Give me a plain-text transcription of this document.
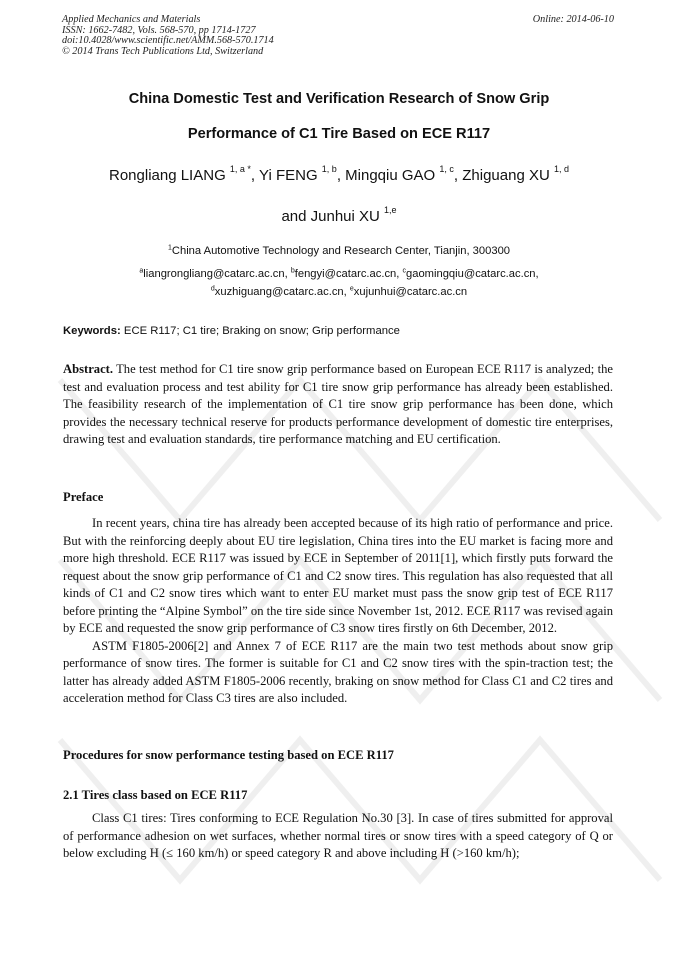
Applied Mechanics and Materials
ISSN: 1662-7482, Vols. 568-570, pp 1714-1727
doi:10.4028/www.scientific.net/AMM.568-570.1714
© 2014 Trans Tech Publications Ltd, Switzerland
Online: 2014-06-10
China Domestic Test and Verification Research of Snow Grip
Performance of C1 Tire Based on ECE R117
Rongliang LIANG $^{1, a *}$, Yi FENG $^{1, b}$, Mingqiu GAO $^{1, c}$, Zhiguang XU $^{1, d}$
and Junhui XU $^{1,e}$
$^1$China Automotive Technology and Research Center, Tianjin, 300300
$^a$liangrongliang@catarc.ac.cn, $^b$fengyi@catarc.ac.cn, $^c$gaomingqiu@catarc.ac.cn,
$^d$xuzhiguang@catarc.ac.cn, $^e$xujunhui@catarc.ac.cn
Keywords: ECE R117; C1 tire; Braking on snow; Grip performance

Abstract. The test method for C1 tire snow grip performance based on European ECE R117 is analyzed; the test and evaluation process and test ability for C1 tire snow grip performance has already been established. The feasibility research of the implementation of C1 tire snow grip performance has been done, which provides the necessary technical reserve for products performance development of domestic tire enterprises, drawing test and evaluation standards, tire performance matching and EU certification.

Preface

In recent years, china tire has already been accepted because of its high ratio of performance and price. But with the reinforcing deeply about EU tire legislation, China tires into the EU market is facing more and more high threshold. ECE R117 was issued by ECE in September of 2011[1], which firstly puts forward the request about the snow grip performance of C1 and C2 snow tires. This regulation has also requested that all kinds of C1 and C2 snow tires which want to enter EU market must pass the snow grip test of ECE R117 before printing the “Alpine Symbol” on the tire side since November 1st, 2012. ECE R117 was revised again by ECE and requested the snow grip performance of C3 snow tires firstly on 6th December, 2012.

ASTM F1805-2006[2] and Annex 7 of ECE R117 are the main two test methods about snow grip performance of snow tires. The former is suitable for C1 and C2 snow tires with the spin-traction test; the latter has already added ASTM F1805-2006 recently, braking on snow method for Class C1 and C2 tires and acceleration method for Class C3 tires are also included.

Procedures for snow performance testing based on ECE R117
2.1 Tires class based on ECE R117

Class C1 tires: Tires conforming to ECE Regulation No.30 [3]. In case of tires submitted for approval of performance adhesion on wet surfaces, whether normal tires or snow tires with a speed category of Q or below excluding H (≤ 160 km/h) or speed category R and above including H (>160 km/h);
